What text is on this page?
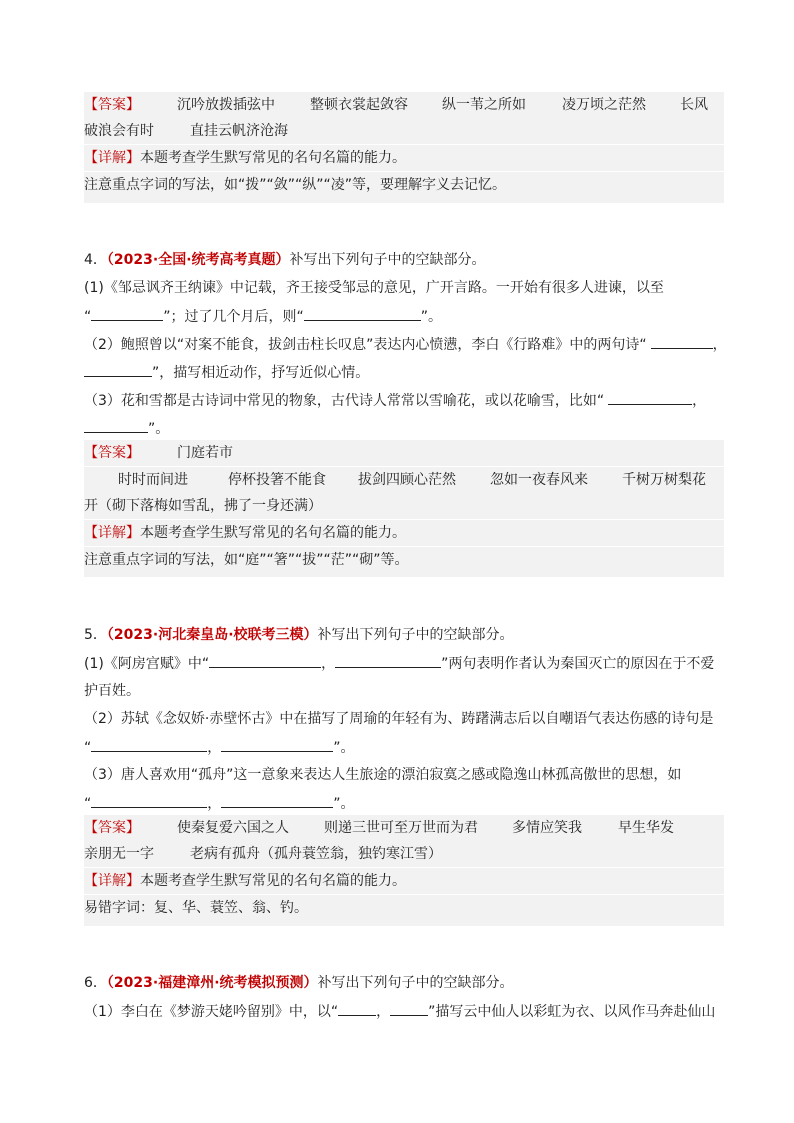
【答案】	沉吟放拨插弦中	整顿衣裳起敛容 纵一苇之所如	凌万顷之茫然 长风
破浪会有时	直挂云帆济沧海
【详解】本题考查学生默写常见的名句名篇的能力。
注意重点字词的写法，如“拨”“敛”“纵”“凌”等，要理解字义去记忆。
4．（2023·全国·统考高考真题）补写出下列句子中的空缺部分。
(1)《邹忌讽齐王纳谏》中记载，齐王接受邹忌的意见，广开言路。一开始有很多人进谏，以至
“	”；过了几个月后，则“	”。
（2）鲍照曾以“对案不能食，拔剑击柱长叹息”表达内心愤懑，李白《行路难》中的两句诗“	，
”，描写相近动作，抒写近似心情。
（3）花和雪都是古诗词中常见的物象，古代诗人常常以雪喻花，或以花喻雪，比如“	，
”。
【答案】	门庭若市
时时而间进	停杯投箸不能食 拔剑四顾心茫然 忽如一夜春风来 千树万树梨花
开（砌下落梅如雪乱，拂了一身还满）
【详解】本题考查学生默写常见的名句名篇的能力。
注意重点字词的写法，如“庭”“箸”“拔”“茫”“砌”等。
5．（2023·河北秦皇岛·校联考三模）补写出下列句子中的空缺部分。
(1)《阿房宫赋》中“	，	”两句表明作者认为秦国灭亡的原因在于不爱
护百姓。
（2）苏轼《念奴娇·赤壁怀古》中在描写了周瑜的年轻有为、踌躇满志后以自嘲语气表达伤感的诗句是
“	，	”。
（3）唐人喜欢用“孤舟”这一意象来表达人生旅途的漂泊寂寞之感或隐逸山林孤高傲世的思想，如
“	，	”。
【答案】	使秦复爱六国之人	则递三世可至万世而为君 多情应笑我	早生华发
亲朋无一字	老病有孤舟（孤舟蓑笠翁，独钓寒江雪）
【详解】本题考查学生默写常见的名句名篇的能力。
易错字词：复、华、蓑笠、翁、钓。
6．（2023·福建漳州·统考模拟预测）补写出下列句子中的空缺部分。
（1）李白在《梦游天姥吟留别》中，以“	，	”描写云中仙人以彩虹为衣、以风作马奔赴仙山
